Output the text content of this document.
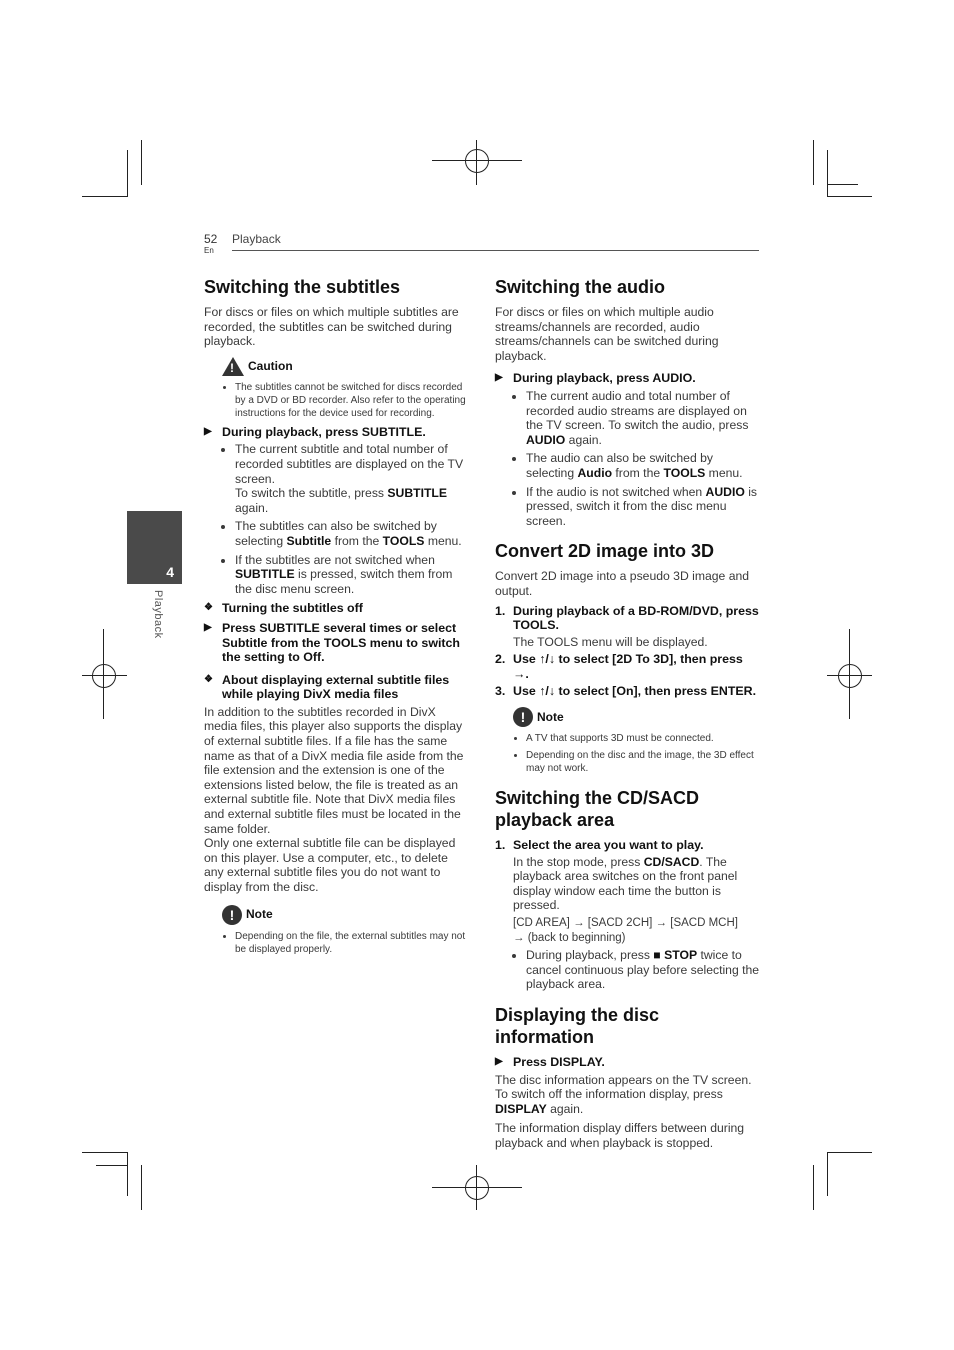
52
En
Playback
4
Playback
Switching the subtitles

For discs or files on which multiple subtitles are recorded, the subtitles can be switched during playback.

! Caution
• The subtitles cannot be switched for discs recorded by a DVD or BD recorder. Also refer to the operating instructions for the device used for recording.
▶ During playback, press SUBTITLE.
• The current subtitle and total number of recorded subtitles are displayed on the TV screen.
To switch the subtitle, press SUBTITLE again.
• The subtitles can also be switched by selecting Subtitle from the TOOLS menu.
• If the subtitles are not switched when SUBTITLE is pressed, switch them from the disc menu screen.
❖ Turning the subtitles off
▶ Press SUBTITLE several times or select Subtitle from the TOOLS menu to switch the setting to Off.
❖ About displaying external subtitle files while playing DivX media files

In addition to the subtitles recorded in DivX media files, this player also supports the display of external subtitle files. If a file has the same name as that of a DivX media file aside from the file extension and the extension is one of the extensions listed below, the file is treated as an external subtitle file. Note that DivX media files and external subtitle files must be located in the same folder.

Only one external subtitle file can be displayed on this player. Use a computer, etc., to delete any external subtitle files you do not want to display from the disc.

! Note
• Depending on the file, the external subtitles may not be displayed properly.
Switching the audio

For discs or files on which multiple audio streams/channels are recorded, audio streams/channels can be switched during playback.

▶ During playback, press AUDIO.
• The current audio and total number of recorded audio streams are displayed on the TV screen. To switch the audio, press AUDIO again.
• The audio can also be switched by selecting Audio from the TOOLS menu.
• If the audio is not switched when AUDIO is pressed, switch it from the disc menu screen.
Convert 2D image into 3D

Convert 2D image into a pseudo 3D image and output.

1. During playback of a BD-ROM/DVD, press TOOLS.
The TOOLS menu will be displayed.
2. Use ↑/↓ to select [2D To 3D], then press →.
3. Use ↑/↓ to select [On], then press ENTER.
! Note
• A TV that supports 3D must be connected.
• Depending on the disc and the image, the 3D effect may not work.
Switching the CD/SACD playback area
1. Select the area you want to play.
In the stop mode, press CD/SACD. The playback area switches on the front panel display window each time the button is pressed.
[CD AREA] → [SACD 2CH] → [SACD MCH]
→ (back to beginning)
• During playback, press ■ STOP twice to cancel continuous play before selecting the playback area.
Displaying the disc information
▶ Press DISPLAY.

The disc information appears on the TV screen. To switch off the information display, press DISPLAY again.

The information display differs between during playback and when playback is stopped.
